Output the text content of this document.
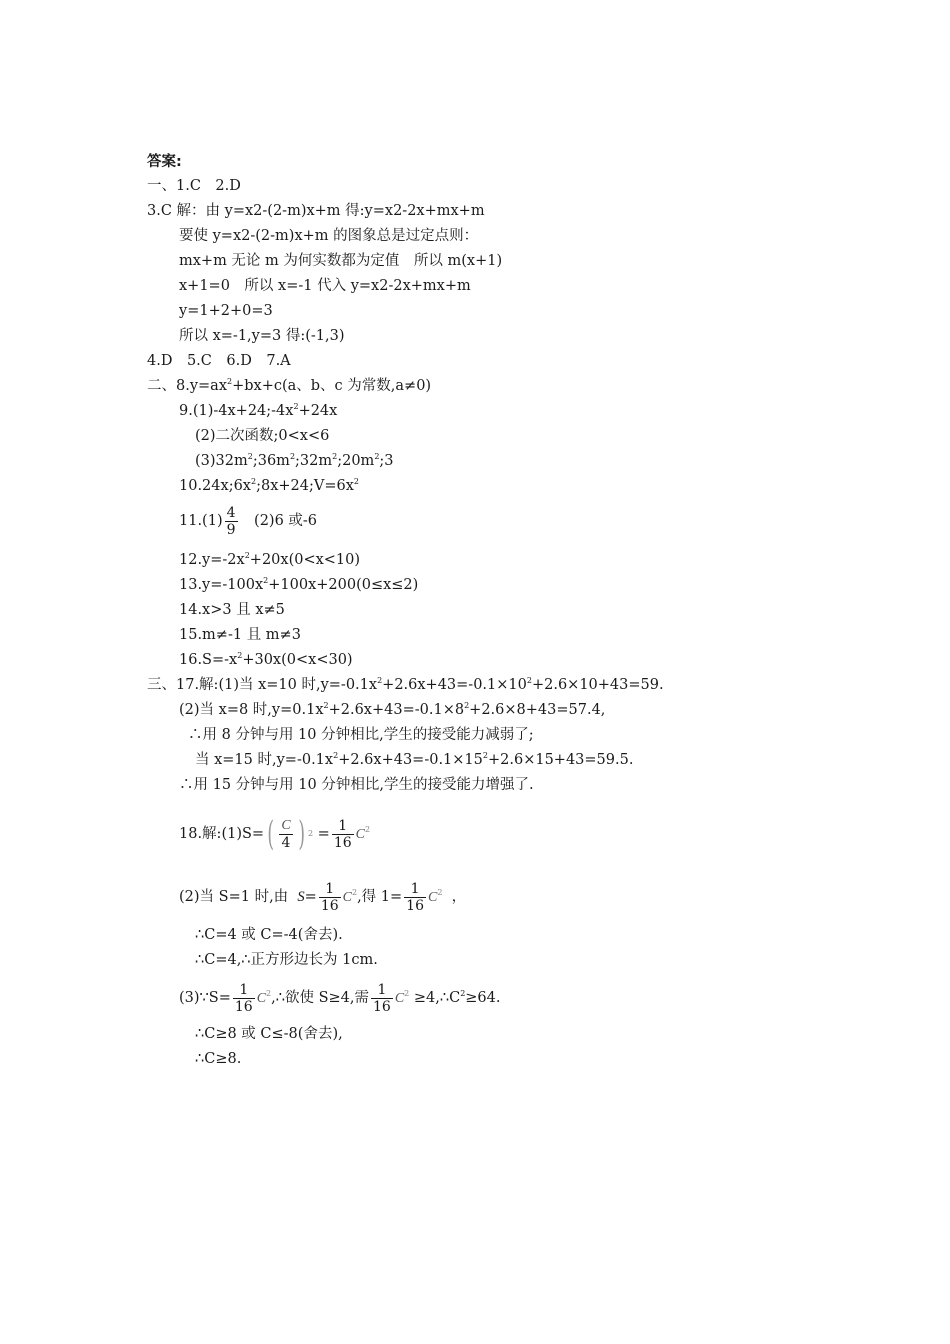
答案:
一、1.C　2.D
3.C 解：由 y=x2-(2-m)x+m 得:y=x2-2x+mx+m
要使 y=x2-(2-m)x+m 的图象总是过定点则：
mx+m 无论 m 为何实数都为定值　所以 m(x+1)
x+1=0　所以 x=-1 代入 y=x2-2x+mx+m
y=1+2+0=3
所以 x=-1,y=3 得:(-1,3)
4.D　5.C　6.D　7.A
二、$8.y=ax^2+bx+c(a$、b、c 为常数,a≠0)
$9.(1)-4x+24;-4x^2+24x$
(2)二次函数;0<x<6
$(3)32m^2;36m^2;32m^2;20m^2;3$
$10.24x;6x^2;8x+24;V=6x^2$
$11.(1) \frac{4}{9}$ 　(2)6 或-6
$12.y=-2x^2+20x(0<x<10)$
$13.y=-100x^2+100x+200(0\le x\le 2)$
14.x>3 且 x≠5
15.m≠-1 且 m≠3
$16.S=-x^2+30x(0<x<30)$
三、17.解:(1)当 x=10 时$,y=-0.1x^2+2.6x+43=-0.1\times 10^2+2.6\times 10+43=59$.
(2)当 x=8 时$,y=0.1x^2+2.6x+43=-0.1\times 8^2+2.6\times 8+43=57.4$,
∴用 8 分钟与用 10 分钟相比,学生的接受能力减弱了;
当 x=15 时$,y=-0.1x^2+2.6x+43=-0.1\times 15^2+2.6\times 15+43=59.5$.
∴用 15 分钟与用 10 分钟相比,学生的接受能力增强了.
18.解:(1)S= ( $\frac{C}{4}$ ) $2 = \frac{1}{16} C^2$
(2)当 S=1 时,由 $S= \frac{1}{16} C^2$,得 $1= \frac{1}{16} C^2$ ，
∴C=4 或 C=-4(舍去).
∴C=4,∴正方形边长为 1cm.
(3)∵S= $\frac{1}{16}$ $C^2,\therefore$欲使 S≥4,需 $\frac{1}{16} C^2$ $\ge 4,\therefore C^2\ge 64$.
∴C≥8 或 C≤-8(舍去),
∴C≥8.
